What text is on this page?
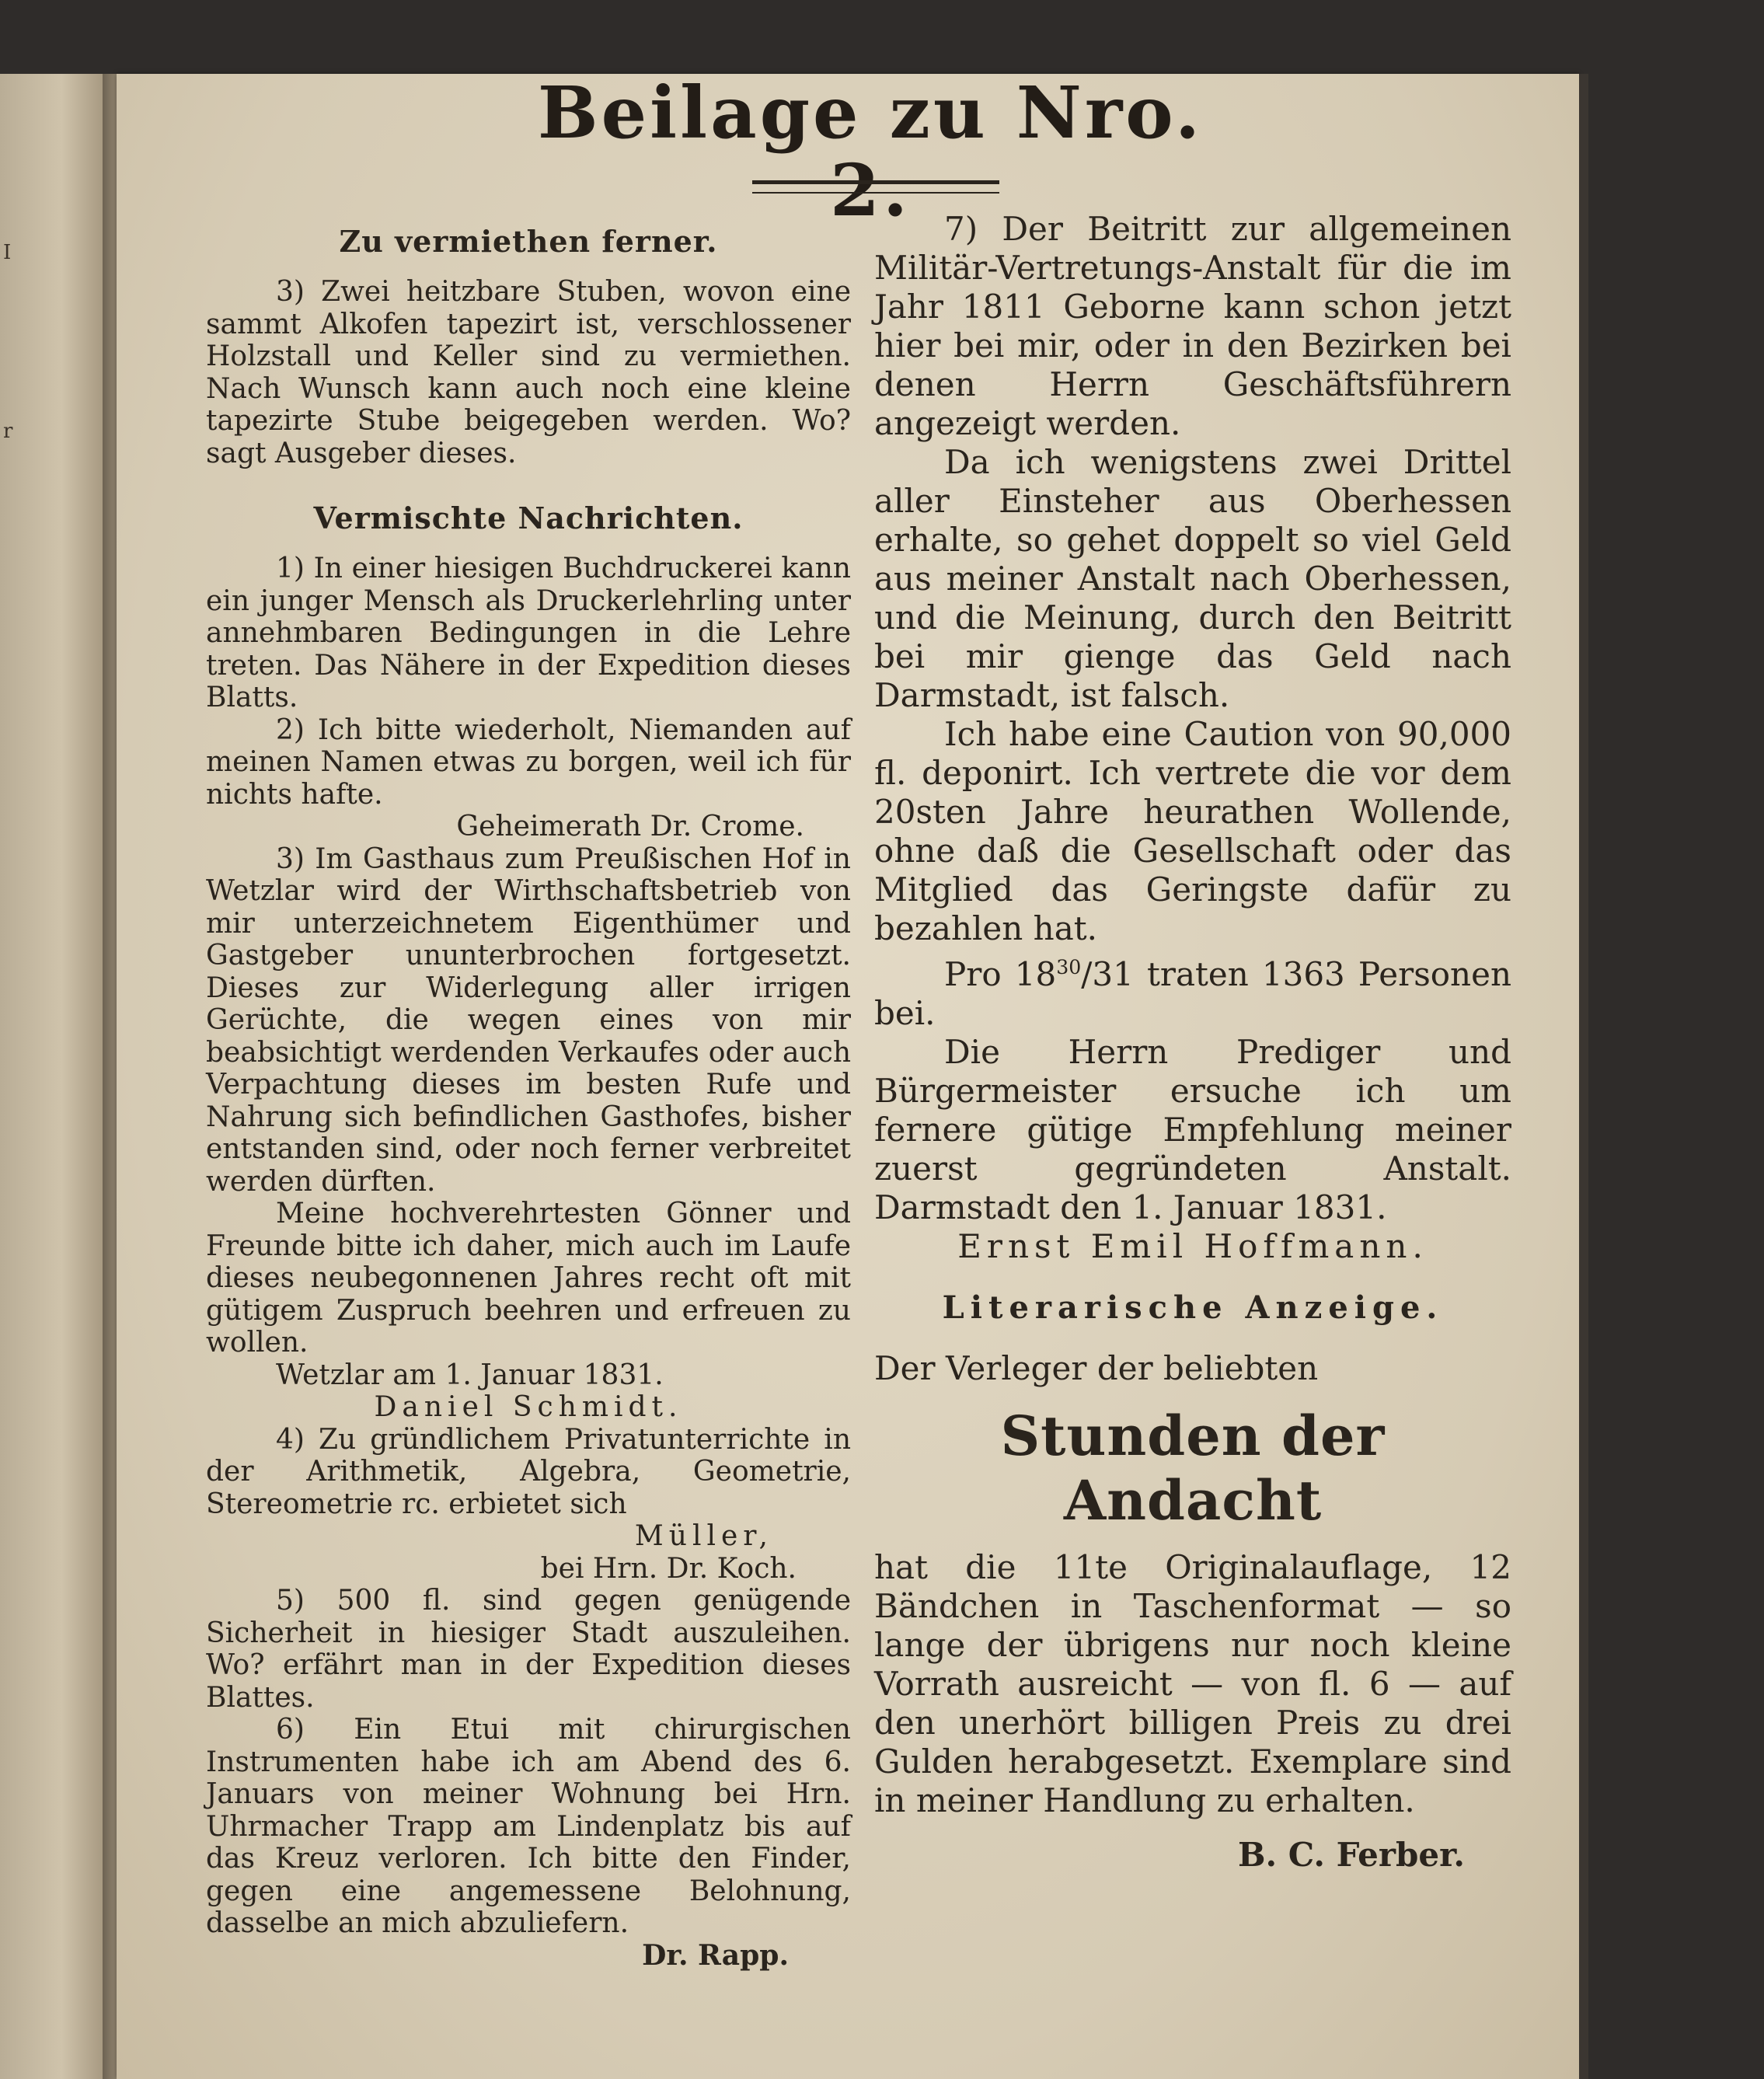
I
r
Beilage zu Nro. 2.
Zu vermiethen ferner.

3) Zwei heitzbare Stuben, wovon eine sammt Alkofen tapezirt ist, verschlossener Holzstall und Keller sind zu vermiethen. Nach Wunsch kann auch noch eine kleine tapezirte Stube beigegeben werden. Wo? sagt Ausgeber dieses.

Vermischte Nachrichten.

1) In einer hiesigen Buchdruckerei kann ein junger Mensch als Druckerlehrling unter annehmbaren Bedingungen in die Lehre treten. Das Nähere in der Expedition dieses Blatts.

2) Ich bitte wiederholt, Niemanden auf meinen Namen etwas zu borgen, weil ich für nichts hafte.

Geheimerath Dr. Crome.

3) Im Gasthaus zum Preußischen Hof in Wetzlar wird der Wirthschaftsbetrieb von mir unterzeichnetem Eigenthümer und Gastgeber ununterbrochen fortgesetzt. Dieses zur Widerlegung aller irrigen Gerüchte, die wegen eines von mir beabsichtigt werdenden Verkaufes oder auch Verpachtung dieses im besten Rufe und Nahrung sich befindlichen Gasthofes, bisher entstanden sind, oder noch ferner verbreitet werden dürften.

Meine hochverehrtesten Gönner und Freunde bitte ich daher, mich auch im Laufe dieses neubegonnenen Jahres recht oft mit gütigem Zuspruch beehren und erfreuen zu wollen.

Wetzlar am 1. Januar 1831.

Daniel Schmidt.

4) Zu gründlichem Privatunterrichte in der Arithmetik, Algebra, Geometrie, Stereometrie rc. erbietet sich

Müller,

bei Hrn. Dr. Koch.

5) 500 fl. sind gegen genügende Sicherheit in hiesiger Stadt auszuleihen. Wo? erfährt man in der Expedition dieses Blattes.

6) Ein Etui mit chirurgischen Instrumenten habe ich am Abend des 6. Januars von meiner Wohnung bei Hrn. Uhrmacher Trapp am Lindenplatz bis auf das Kreuz verloren. Ich bitte den Finder, gegen eine angemessene Belohnung, dasselbe an mich abzuliefern.

Dr. Rapp.

7) Der Beitritt zur allgemeinen Militär-Vertretungs-Anstalt für die im Jahr 1811 Geborne kann schon jetzt hier bei mir, oder in den Bezirken bei denen Herrn Geschäftsführern angezeigt werden.

Da ich wenigstens zwei Drittel aller Einsteher aus Oberhessen erhalte, so gehet doppelt so viel Geld aus meiner Anstalt nach Oberhessen, und die Meinung, durch den Beitritt bei mir gienge das Geld nach Darmstadt, ist falsch.

Ich habe eine Caution von 90,000 fl. deponirt. Ich vertrete die vor dem 20sten Jahre heurathen Wollende, ohne daß die Gesellschaft oder das Mitglied das Geringste dafür zu bezahlen hat.

Pro $18^{30}/31$ traten 1363 Personen bei.

Die Herrn Prediger und Bürgermeister ersuche ich um fernere gütige Empfehlung meiner zuerst gegründeten Anstalt. Darmstadt den 1. Januar 1831.

Ernst Emil Hoffmann.

Literarische Anzeige.

Der Verleger der beliebten

Stunden der Andacht

hat die 11te Originalauflage, 12 Bändchen in Taschenformat — so lange der übrigens nur noch kleine Vorrath ausreicht — von fl. 6 — auf den unerhört billigen Preis zu drei Gulden herabgesetzt. Exemplare sind in meiner Handlung zu erhalten.

B. C. Ferber.
